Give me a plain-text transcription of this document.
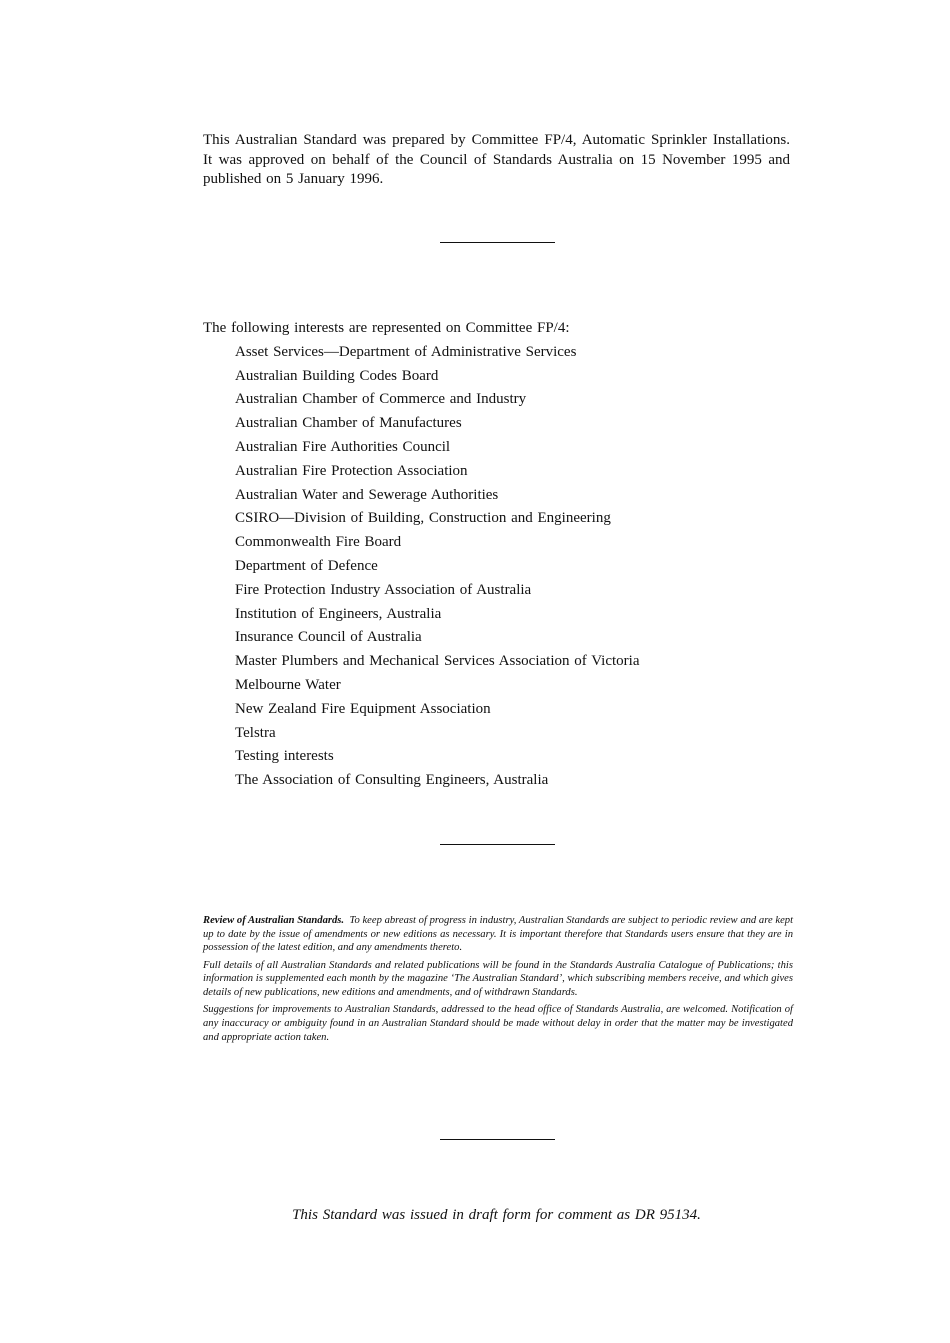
This Australian Standard was prepared by Committee FP/4, Automatic Sprinkler Installations. It was approved on behalf of the Council of Standards Australia on 15 November 1995 and published on 5 January 1996.

The following interests are represented on Committee FP/4:

Asset Services—Department of Administrative Services
Australian Building Codes Board
Australian Chamber of Commerce and Industry
Australian Chamber of Manufactures
Australian Fire Authorities Council
Australian Fire Protection Association
Australian Water and Sewerage Authorities
CSIRO—Division of Building, Construction and Engineering
Commonwealth Fire Board
Department of Defence
Fire Protection Industry Association of Australia
Institution of Engineers, Australia
Insurance Council of Australia
Master Plumbers and Mechanical Services Association of Victoria
Melbourne Water
New Zealand Fire Equipment Association
Telstra
Testing interests
The Association of Consulting Engineers, Australia

Review of Australian Standards. To keep abreast of progress in industry, Australian Standards are subject to periodic review and are kept up to date by the issue of amendments or new editions as necessary. It is important therefore that Standards users ensure that they are in possession of the latest edition, and any amendments thereto.

Full details of all Australian Standards and related publications will be found in the Standards Australia Catalogue of Publications; this information is supplemented each month by the magazine ‘The Australian Standard’, which subscribing members receive, and which gives details of new publications, new editions and amendments, and of withdrawn Standards.

Suggestions for improvements to Australian Standards, addressed to the head office of Standards Australia, are welcomed. Notification of any inaccuracy or ambiguity found in an Australian Standard should be made without delay in order that the matter may be investigated and appropriate action taken.

This Standard was issued in draft form for comment as DR 95134.
